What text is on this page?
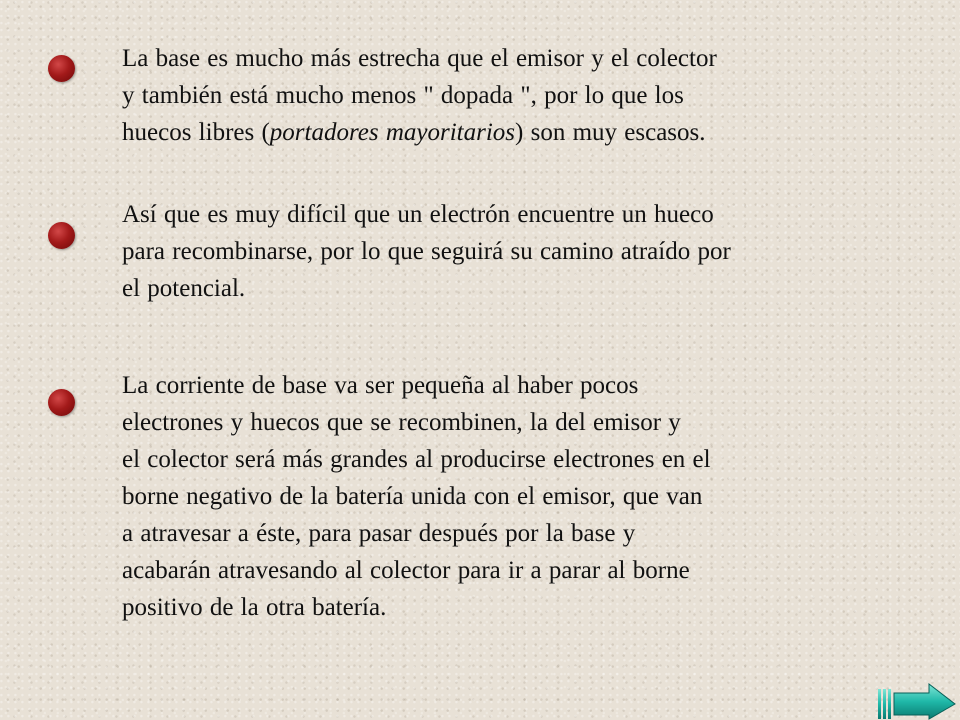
La base es mucho más estrecha que el emisor y el colector
y también está mucho menos " dopada ", por lo que los
huecos libres (portadores mayoritarios) son muy escasos.

Así que es muy difícil que un electrón encuentre un hueco
para recombinarse, por lo que seguirá su camino atraído por
el potencial.

La corriente de base va ser pequeña al haber pocos
electrones y huecos que se recombinen, la del emisor y
el colector será más grandes al producirse electrones en el
borne negativo de la batería unida con el emisor, que van
a atravesar a éste, para pasar después por la base y
acabarán atravesando al colector para ir a parar al borne
positivo de la otra batería.
